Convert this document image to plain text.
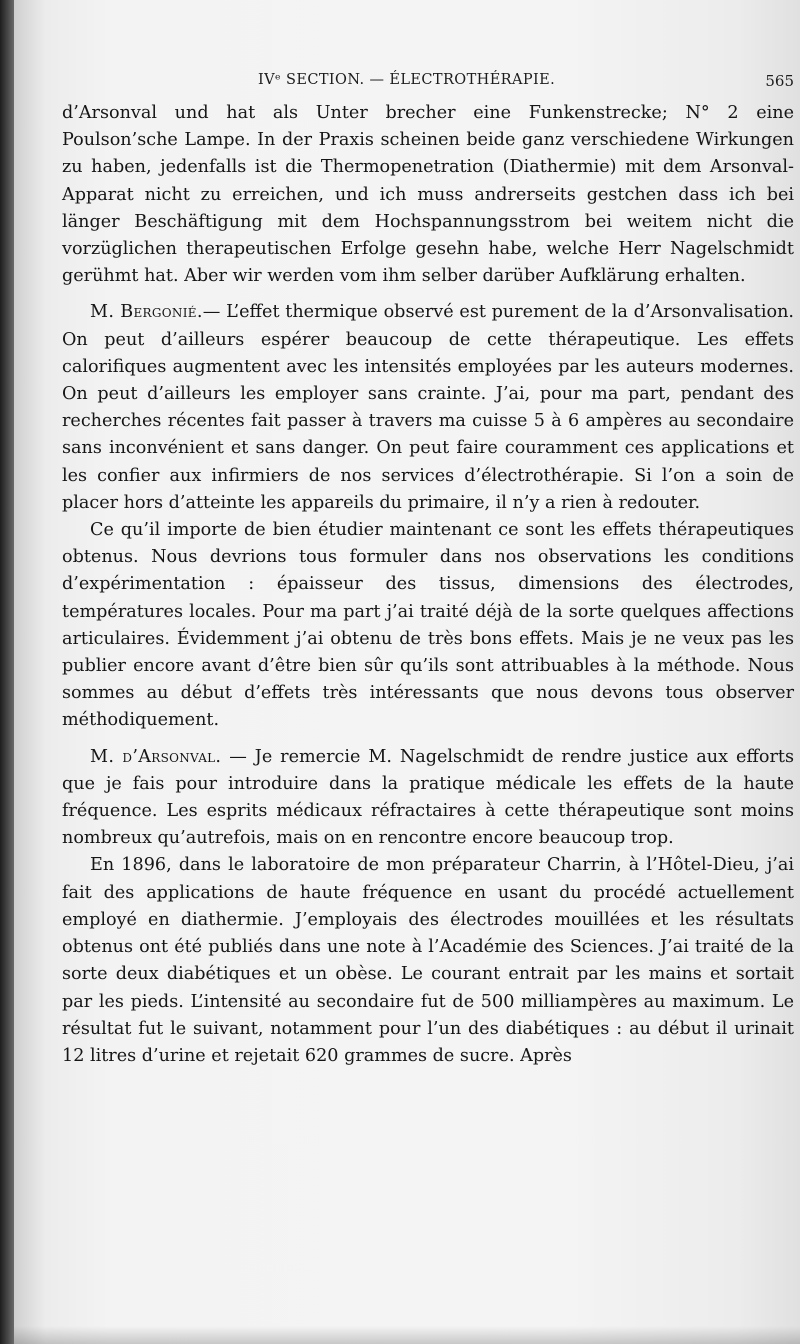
IVᵉ SECTION. — ÉLECTROTHÉRAPIE.	565

d’Arsonval und hat als Unter brecher eine Funkenstrecke; N° 2 eine Poulson’sche Lampe. In der Praxis scheinen beide ganz verschiedene Wirkungen zu haben, jedenfalls ist die Thermopenetration (Diathermie) mit dem Arsonval-Apparat nicht zu erreichen, und ich muss andrerseits gestchen dass ich bei länger Beschäftigung mit dem Hochspannungsstrom bei weitem nicht die vorzüglichen therapeutischen Erfolge gesehn habe, welche Herr Nagelschmidt gerühmt hat. Aber wir werden vom ihm selber darüber Aufklärung erhalten.

M. Bergonié.— L’effet thermique observé est purement de la d’Arsonvalisation. On peut d’ailleurs espérer beaucoup de cette thérapeutique. Les effets calorifiques augmentent avec les intensités employées par les auteurs modernes. On peut d’ailleurs les employer sans crainte. J’ai, pour ma part, pendant des recherches récentes fait passer à travers ma cuisse 5 à 6 ampères au secondaire sans inconvénient et sans danger. On peut faire couramment ces applications et les confier aux infirmiers de nos services d’électrothérapie. Si l’on a soin de placer hors d’atteinte les appareils du primaire, il n’y a rien à redouter.

Ce qu’il importe de bien étudier maintenant ce sont les effets thérapeutiques obtenus. Nous devrions tous formuler dans nos observations les conditions d’expérimentation : épaisseur des tissus, dimensions des électrodes, températures locales. Pour ma part j’ai traité déjà de la sorte quelques affections articulaires. Évidemment j’ai obtenu de très bons effets. Mais je ne veux pas les publier encore avant d’être bien sûr qu’ils sont attribuables à la méthode. Nous sommes au début d’effets très intéressants que nous devons tous observer méthodiquement.

M. d’Arsonval. — Je remercie M. Nagelschmidt de rendre justice aux efforts que je fais pour introduire dans la pratique médicale les effets de la haute fréquence. Les esprits médicaux réfractaires à cette thérapeutique sont moins nombreux qu’autrefois, mais on en rencontre encore beaucoup trop.

En 1896, dans le laboratoire de mon préparateur Charrin, à l’Hôtel-Dieu, j’ai fait des applications de haute fréquence en usant du procédé actuellement employé en diathermie. J’employais des électrodes mouillées et les résultats obtenus ont été publiés dans une note à l’Académie des Sciences. J’ai traité de la sorte deux diabétiques et un obèse. Le courant entrait par les mains et sortait par les pieds. L’intensité au secondaire fut de 500 milliampères au maximum. Le résultat fut le suivant, notamment pour l’un des diabétiques : au début il urinait 12 litres d’urine et rejetait 620 grammes de sucre. Après
